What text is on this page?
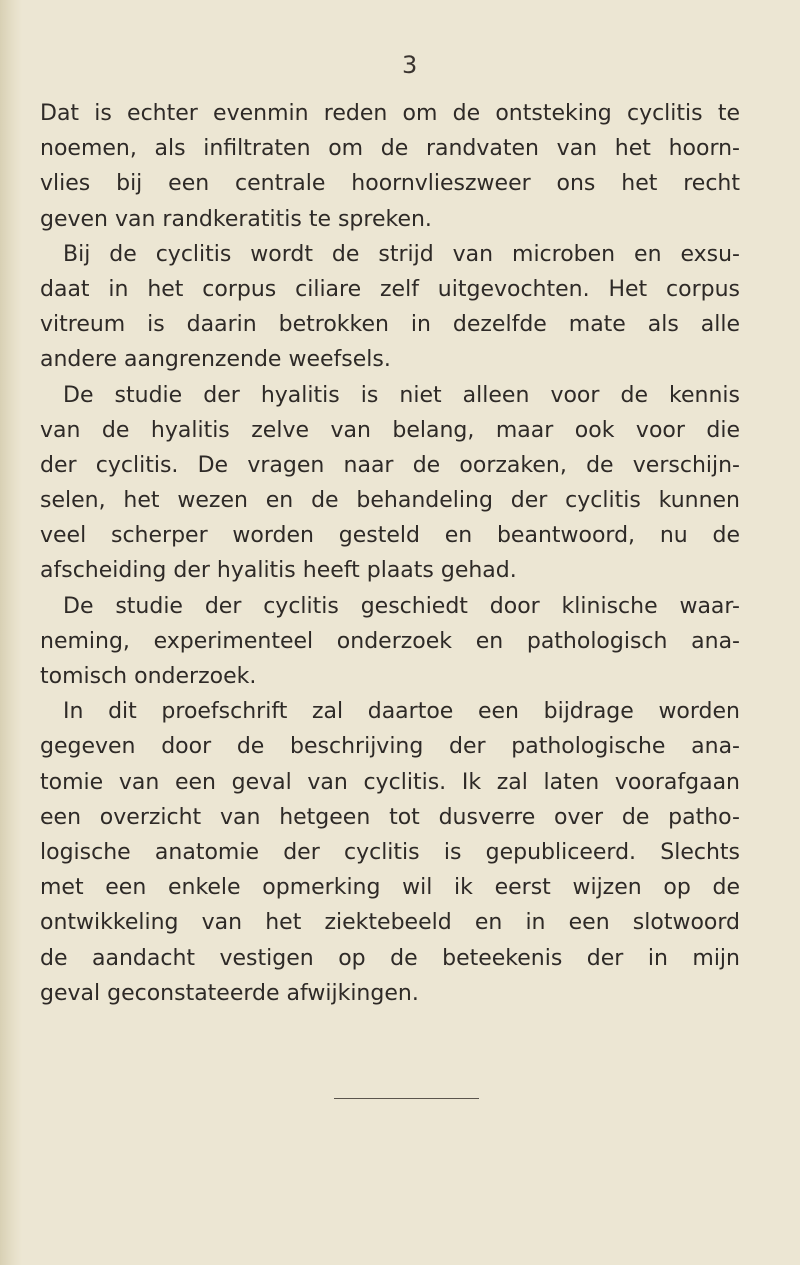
3

Dat is echter evenmin reden om de ontsteking cyclitis te
noemen, als infiltraten om de randvaten van het hoorn-
vlies bij een centrale hoornvlieszweer ons het recht
geven van randkeratitis te spreken.
Bij de cyclitis wordt de strijd van microben en exsu-
daat in het corpus ciliare zelf uitgevochten. Het corpus
vitreum is daarin betrokken in dezelfde mate als alle
andere aangrenzende weefsels.
De studie der hyalitis is niet alleen voor de kennis
van de hyalitis zelve van belang, maar ook voor die
der cyclitis. De vragen naar de oorzaken, de verschijn-
selen, het wezen en de behandeling der cyclitis kunnen
veel scherper worden gesteld en beantwoord, nu de
afscheiding der hyalitis heeft plaats gehad.
De studie der cyclitis geschiedt door klinische waar-
neming, experimenteel onderzoek en pathologisch ana-
tomisch onderzoek.
In dit proefschrift zal daartoe een bijdrage worden
gegeven door de beschrijving der pathologische ana-
tomie van een geval van cyclitis. Ik zal laten voorafgaan
een overzicht van hetgeen tot dusverre over de patho-
logische anatomie der cyclitis is gepubliceerd. Slechts
met een enkele opmerking wil ik eerst wijzen op de
ontwikkeling van het ziektebeeld en in een slotwoord
de aandacht vestigen op de beteekenis der in mijn
geval geconstateerde afwijkingen.
